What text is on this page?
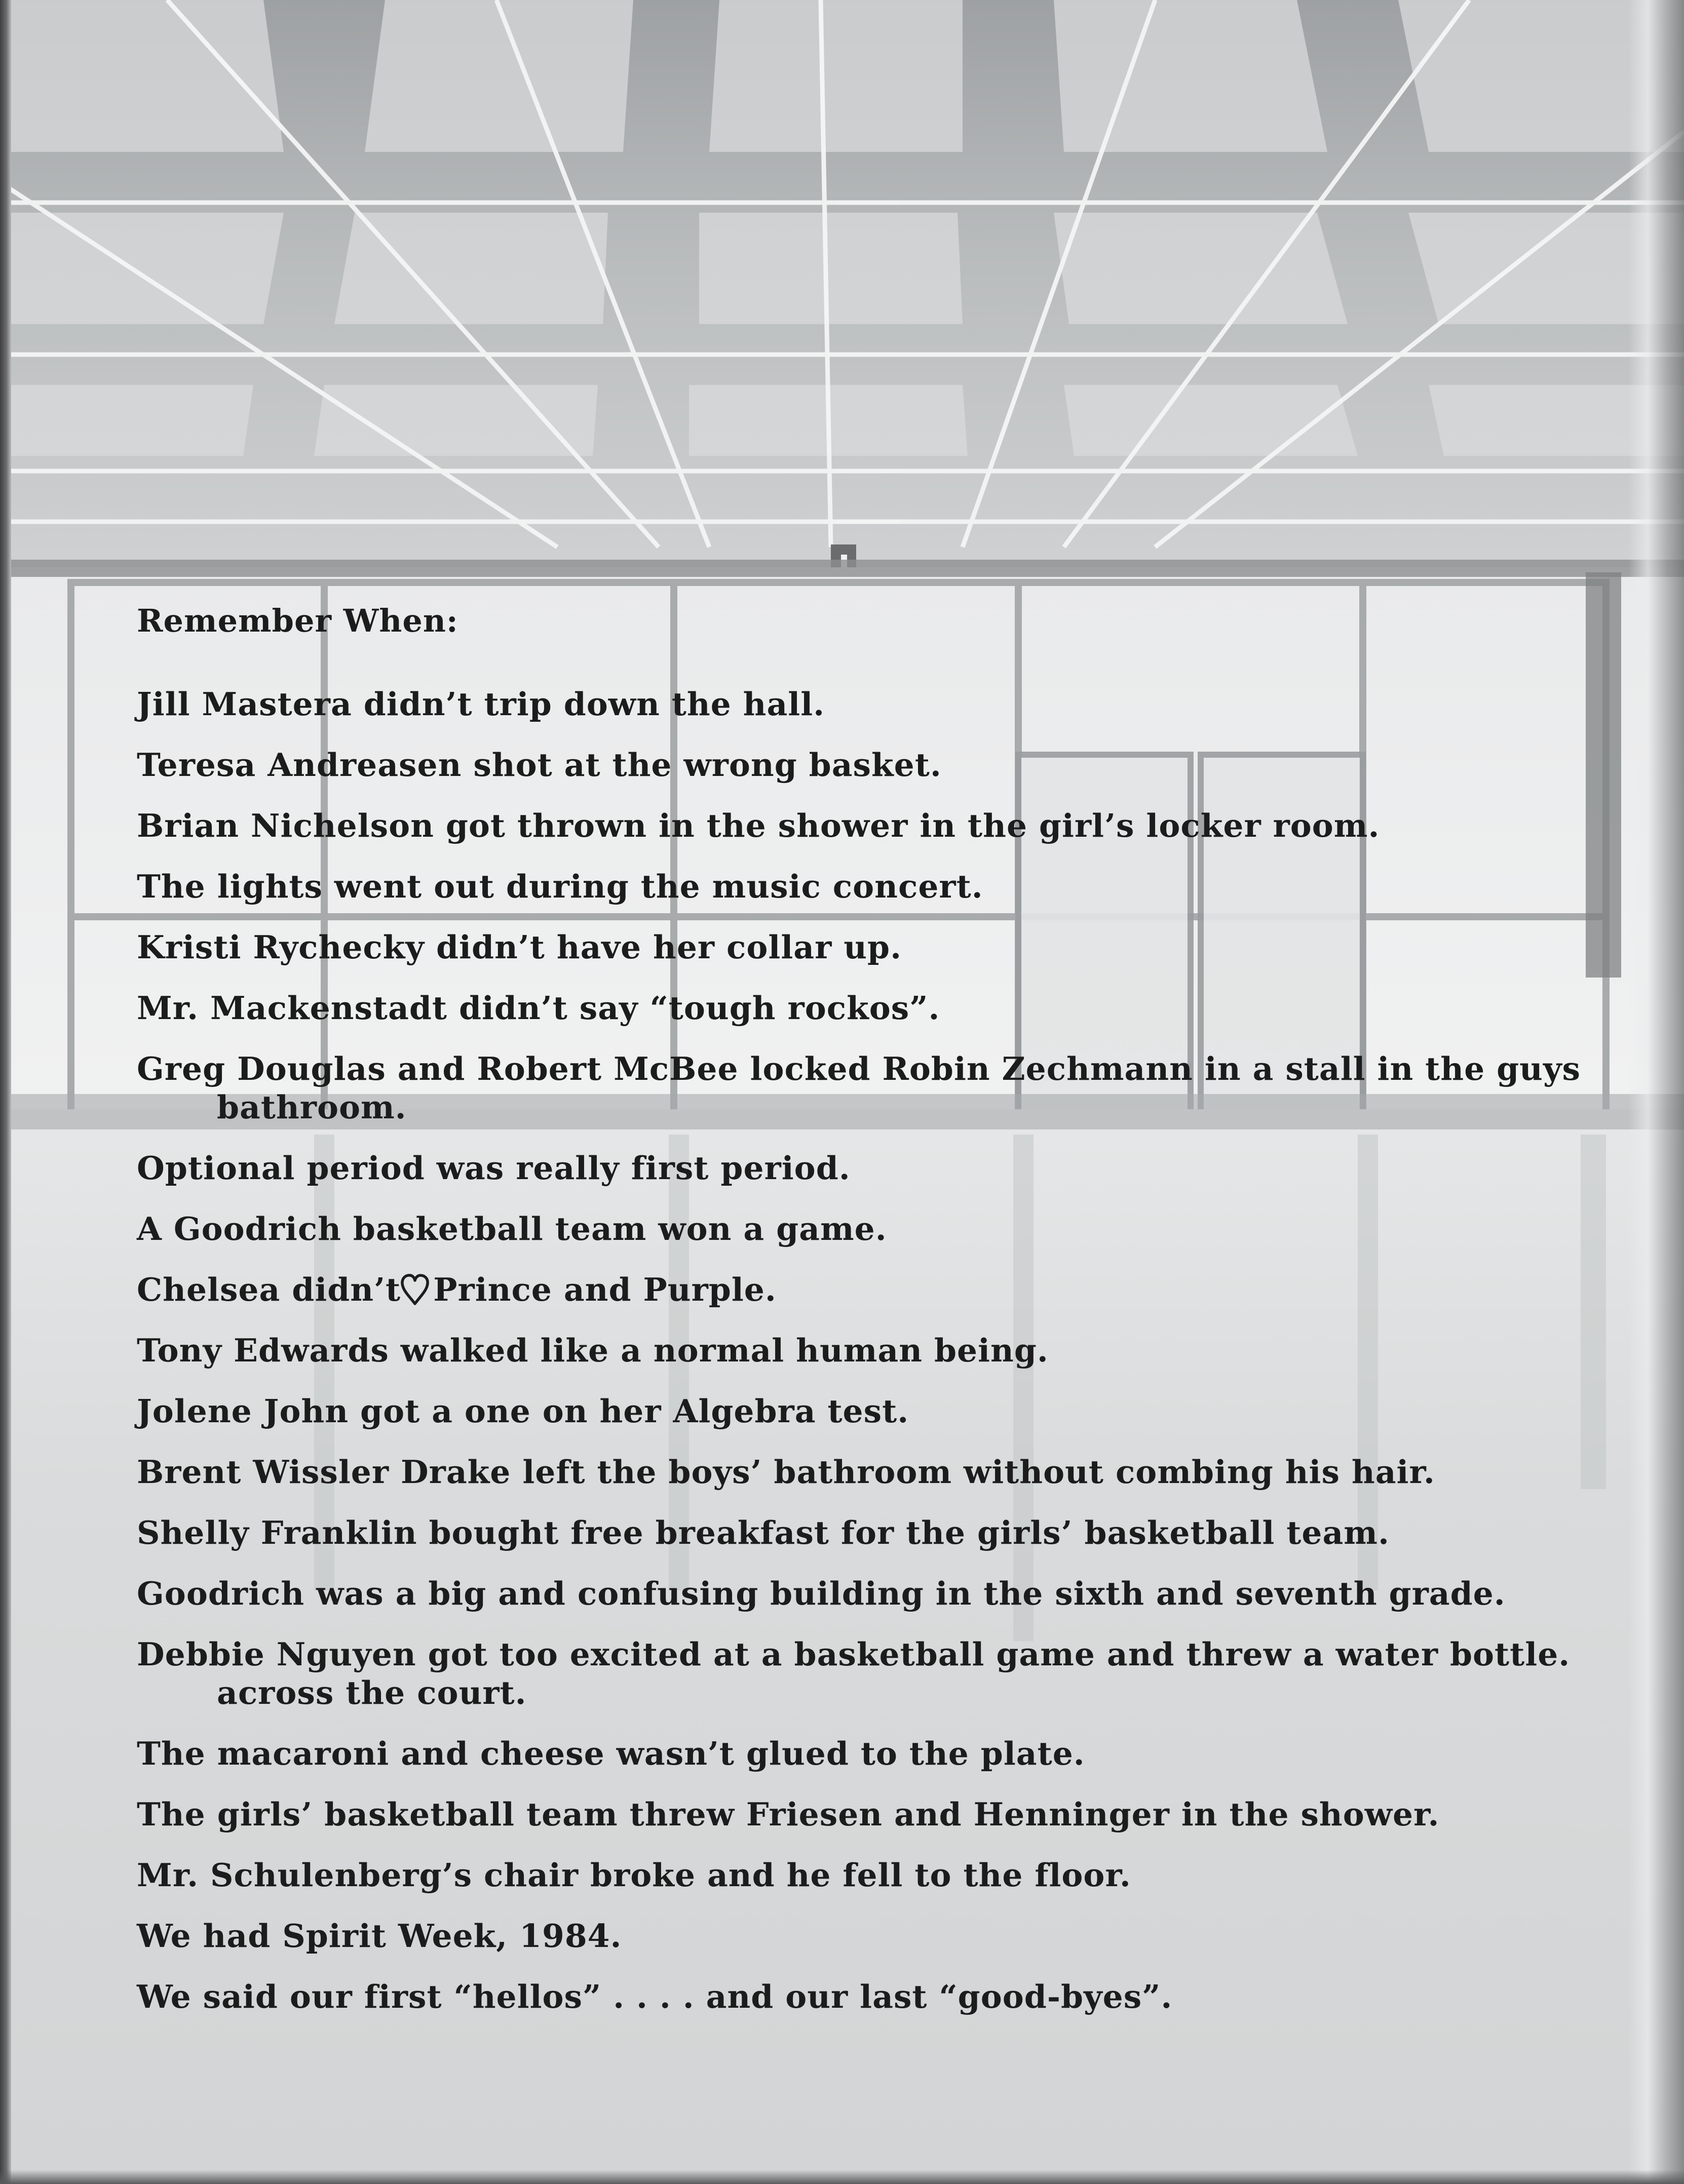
Remember When:
Jill Mastera didn’t trip down the hall.
Teresa Andreasen shot at the wrong basket.
Brian Nichelson got thrown in the shower in the girl’s locker room.
The lights went out during the music concert.
Kristi Rychecky didn’t have her collar up.
Mr. Mackenstadt didn’t say “tough rockos”.
Greg Douglas and Robert McBee locked Robin Zechmann in a stall in the guys bathroom.
Optional period was really first period.
A Goodrich basketball team won a game.
Chelsea didn’t Prince and Purple.
Tony Edwards walked like a normal human being.
Jolene John got a one on her Algebra test.
Brent Wissler Drake left the boys’ bathroom without combing his hair.
Shelly Franklin bought free breakfast for the girls’ basketball team.
Goodrich was a big and confusing building in the sixth and seventh grade.
Debbie Nguyen got too excited at a basketball game and threw a water bottle. across the court.
The macaroni and cheese wasn’t glued to the plate.
The girls’ basketball team threw Friesen and Henninger in the shower.
Mr. Schulenberg’s chair broke and he fell to the floor.
We had Spirit Week, 1984.
We said our first “hellos” . . . . and our last “good-byes”.
